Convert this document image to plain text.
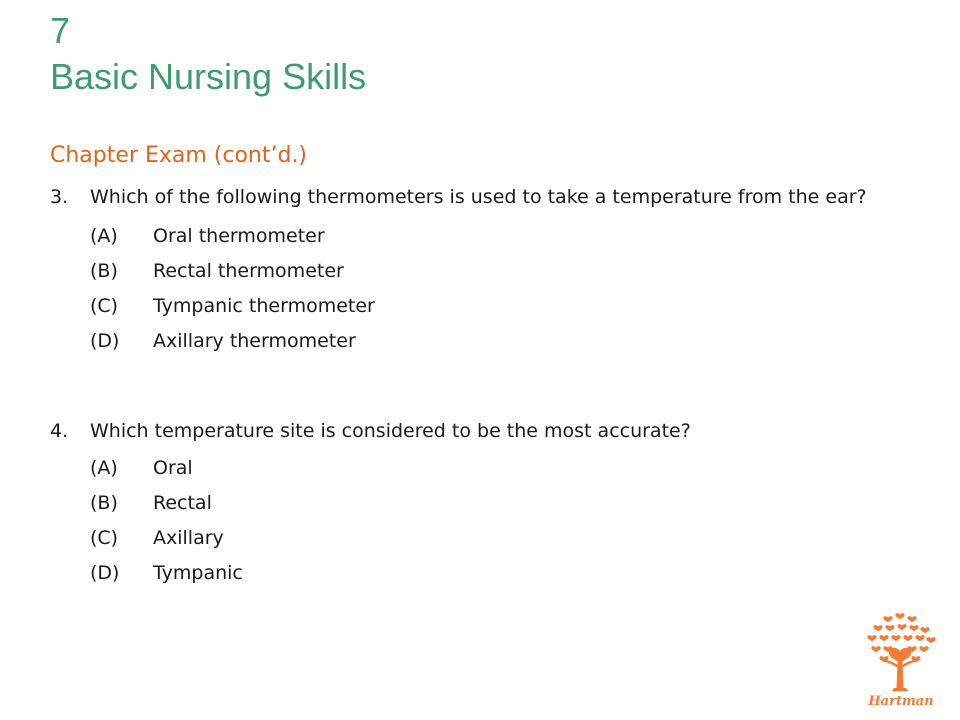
7
Basic Nursing Skills
Chapter Exam (cont’d.)
3.	Which of the following thermometers is used to take a temperature from the ear?
(A)	Oral thermometer
(B)	Rectal thermometer
(C)	Tympanic thermometer
(D)	Axillary thermometer
4.	Which temperature site is considered to be the most accurate?
(A)	Oral
(B)	Rectal
(C)	Axillary
(D)	Tympanic
Hartman
